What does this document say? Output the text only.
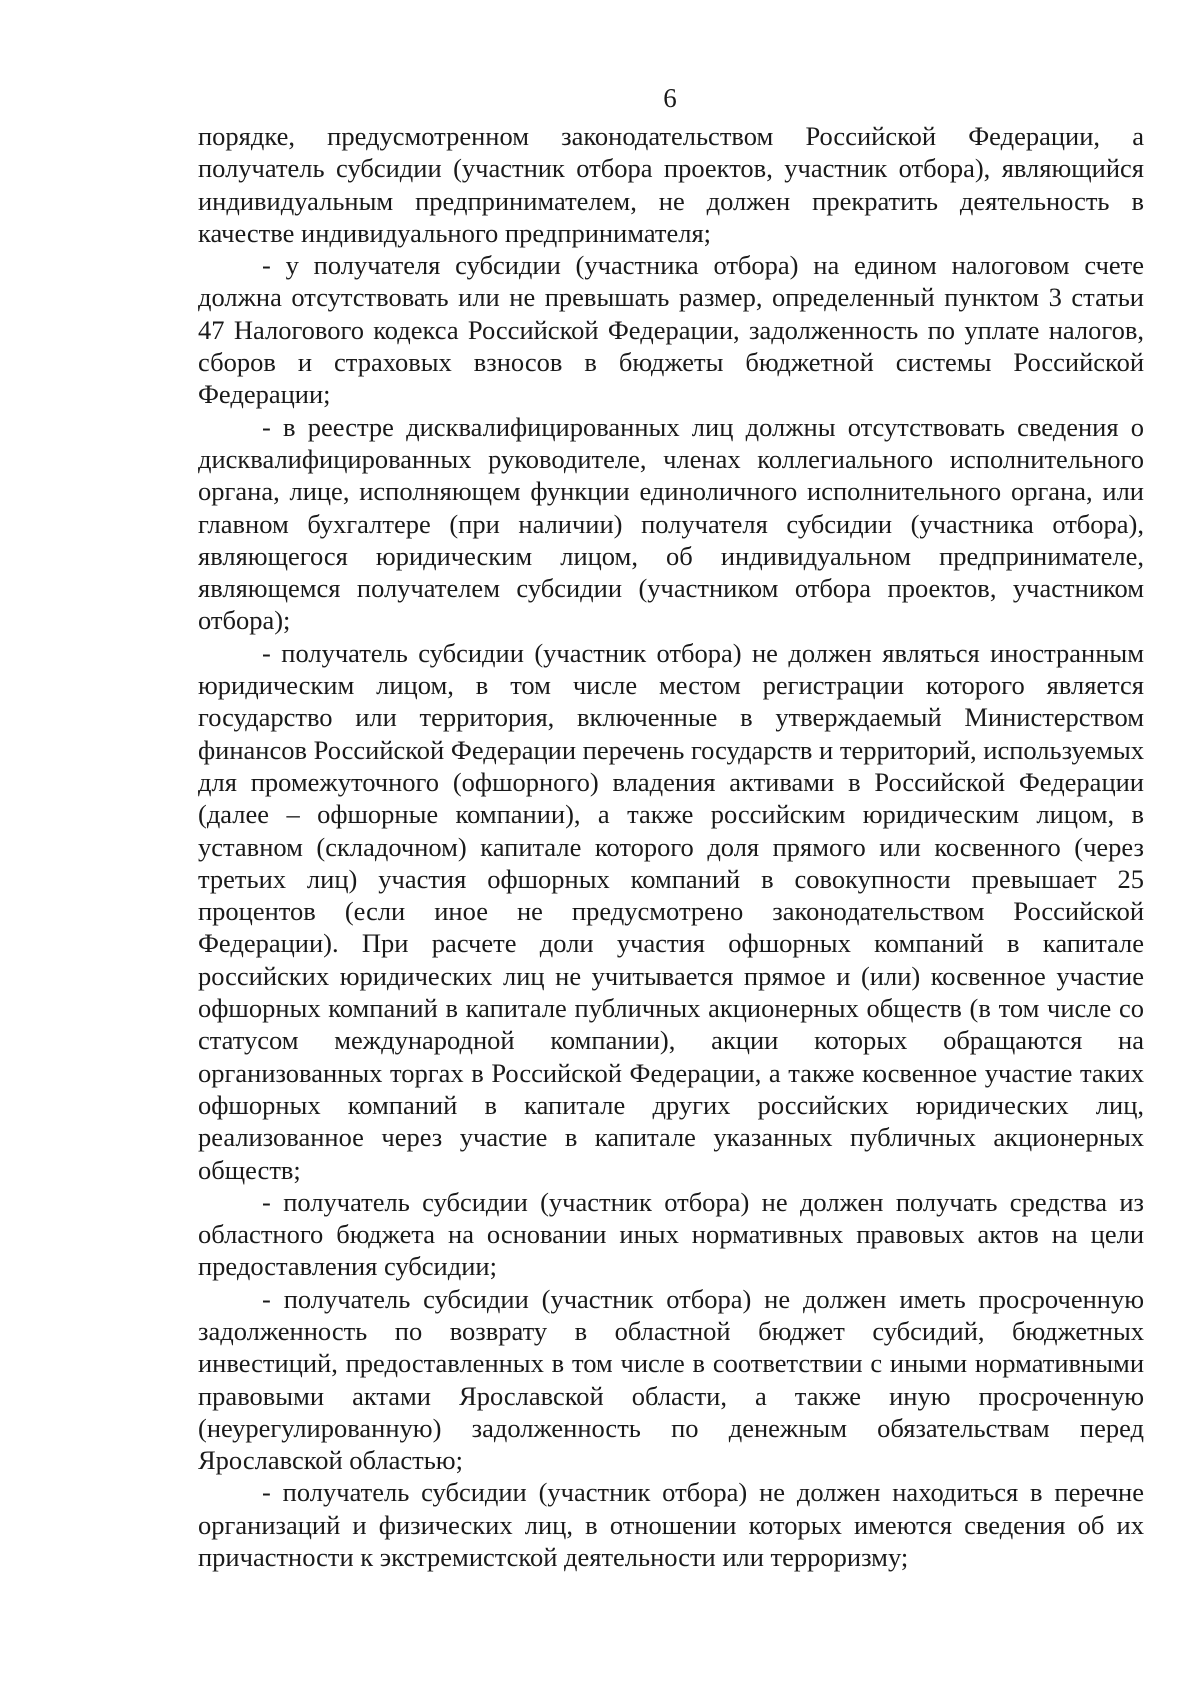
6

порядке, предусмотренном законодательством Российской Федерации, а получатель субсидии (участник отбора проектов, участник отбора), являющийся индивидуальным предпринимателем, не должен прекратить деятельность в качестве индивидуального предпринимателя;

- у получателя субсидии (участника отбора) на едином налоговом счете должна отсутствовать или не превышать размер, определенный пунктом 3 статьи 47 Налогового кодекса Российской Федерации, задолженность по уплате налогов, сборов и страховых взносов в бюджеты бюджетной системы Российской Федерации;

- в реестре дисквалифицированных лиц должны отсутствовать сведения о дисквалифицированных руководителе, членах коллегиального исполнительного органа, лице, исполняющем функции единоличного исполнительного органа, или главном бухгалтере (при наличии) получателя субсидии (участника отбора), являющегося юридическим лицом, об индивидуальном предпринимателе, являющемся получателем субсидии (участником отбора проектов, участником отбора);

- получатель субсидии (участник отбора) не должен являться иностранным юридическим лицом, в том числе местом регистрации которого является государство или территория, включенные в утверждаемый Министерством финансов Российской Федерации перечень государств и территорий, используемых для промежуточного (офшорного) владения активами в Российской Федерации (далее – офшорные компании), а также российским юридическим лицом, в уставном (складочном) капитале которого доля прямого или косвенного (через третьих лиц) участия офшорных компаний в совокупности превышает 25 процентов (если иное не предусмотрено законодательством Российской Федерации). При расчете доли участия офшорных компаний в капитале российских юридических лиц не учитывается прямое и (или) косвенное участие офшорных компаний в капитале публичных акционерных обществ (в том числе со статусом международной компании), акции которых обращаются на организованных торгах в Российской Федерации, а также косвенное участие таких офшорных компаний в капитале других российских юридических лиц, реализованное через участие в капитале указанных публичных акционерных обществ;

- получатель субсидии (участник отбора) не должен получать средства из областного бюджета на основании иных нормативных правовых актов на цели предоставления субсидии;

- получатель субсидии (участник отбора) не должен иметь просроченную задолженность по возврату в областной бюджет субсидий, бюджетных инвестиций, предоставленных в том числе в соответствии с иными нормативными правовыми актами Ярославской области, а также иную просроченную (неурегулированную) задолженность по денежным обязательствам перед Ярославской областью;

- получатель субсидии (участник отбора) не должен находиться в перечне организаций и физических лиц, в отношении которых имеются сведения об их причастности к экстремистской деятельности или терроризму;
